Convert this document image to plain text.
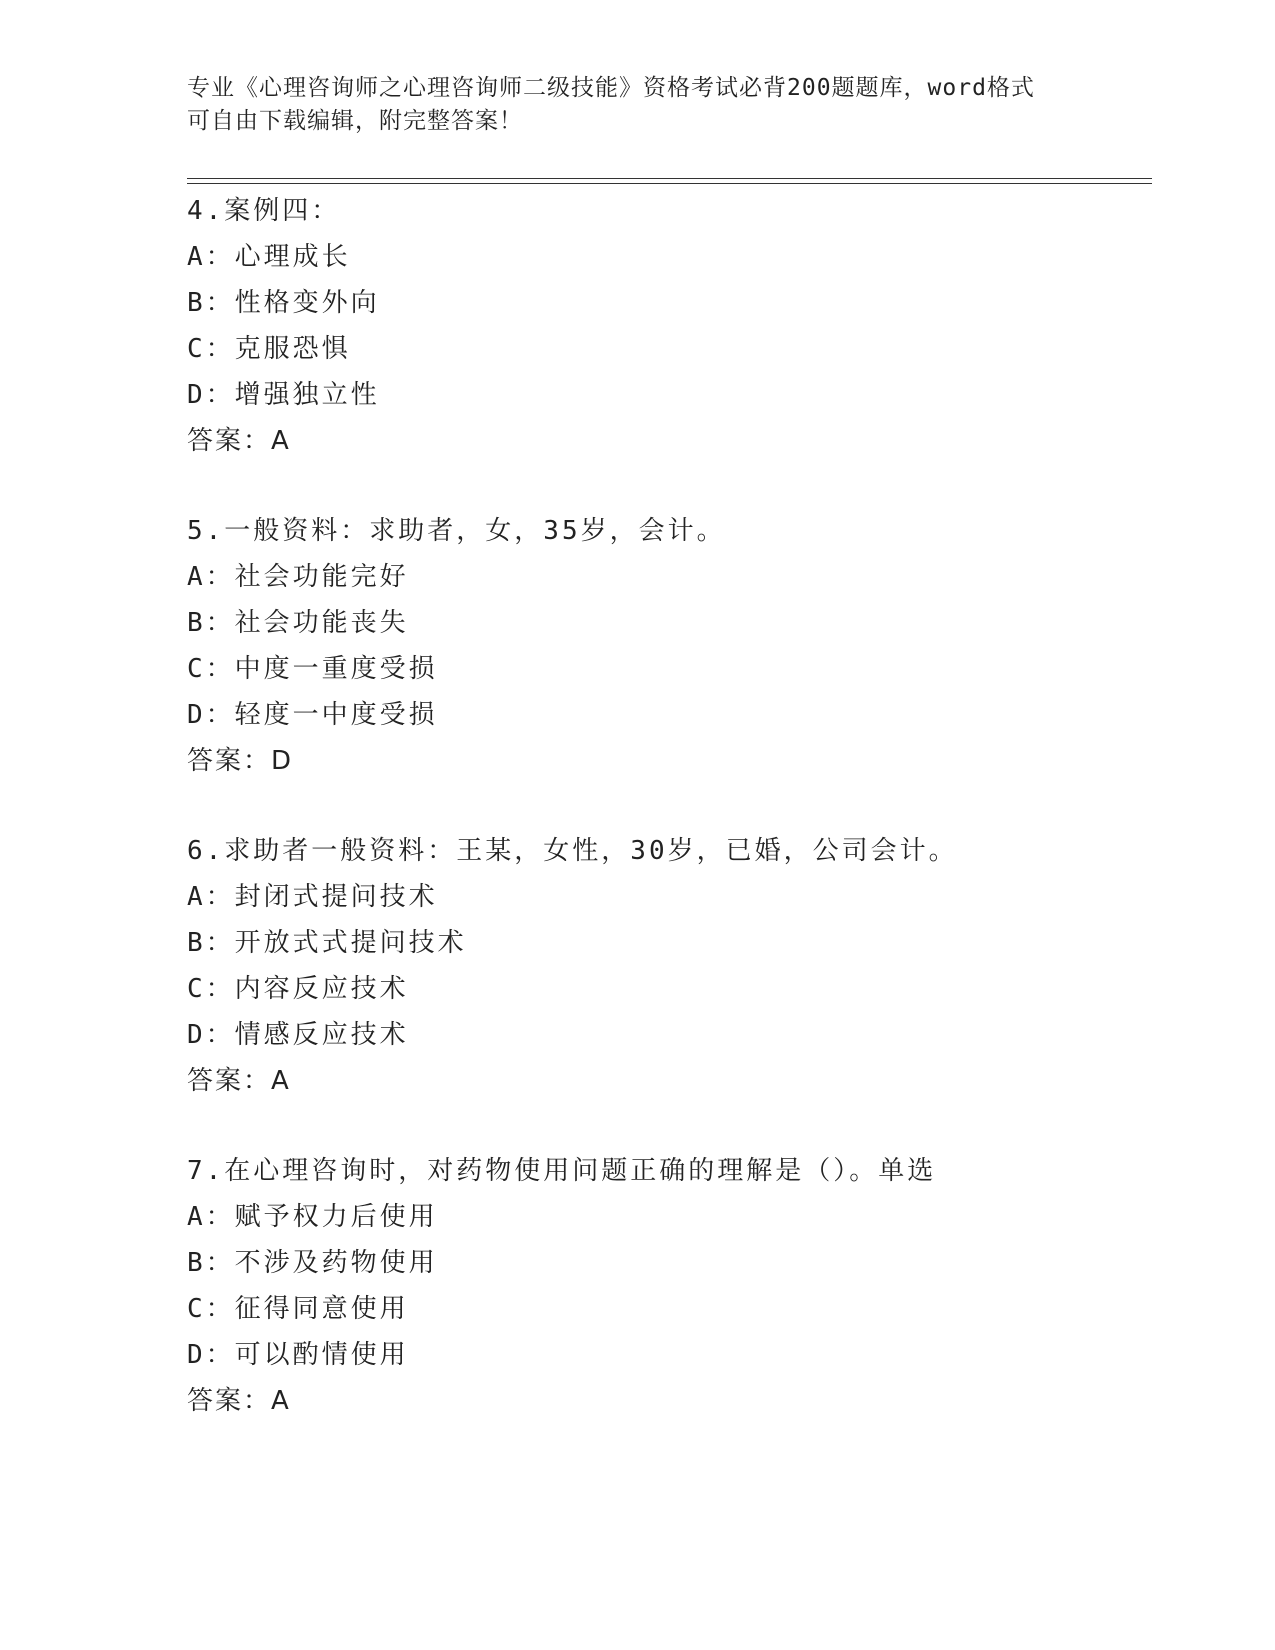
专业《心理咨询师之心理咨询师二级技能》资格考试必背200题题库，word格式
可自由下载编辑，附完整答案！
4.案例四：
A：心理成长
B：性格变外向
C：克服恐惧
D：增强独立性
答案：A
5.一般资料：求助者，女，35岁，会计。
A：社会功能完好
B：社会功能丧失
C：中度一重度受损
D：轻度一中度受损
答案：D
6.求助者一般资料：王某，女性，30岁，已婚，公司会计。
A：封闭式提问技术
B：开放式式提问技术
C：内容反应技术
D：情感反应技术
答案：A
7.在心理咨询时，对药物使用问题正确的理解是（）。单选
A：赋予权力后使用
B：不涉及药物使用
C：征得同意使用
D：可以酌情使用
答案：A
